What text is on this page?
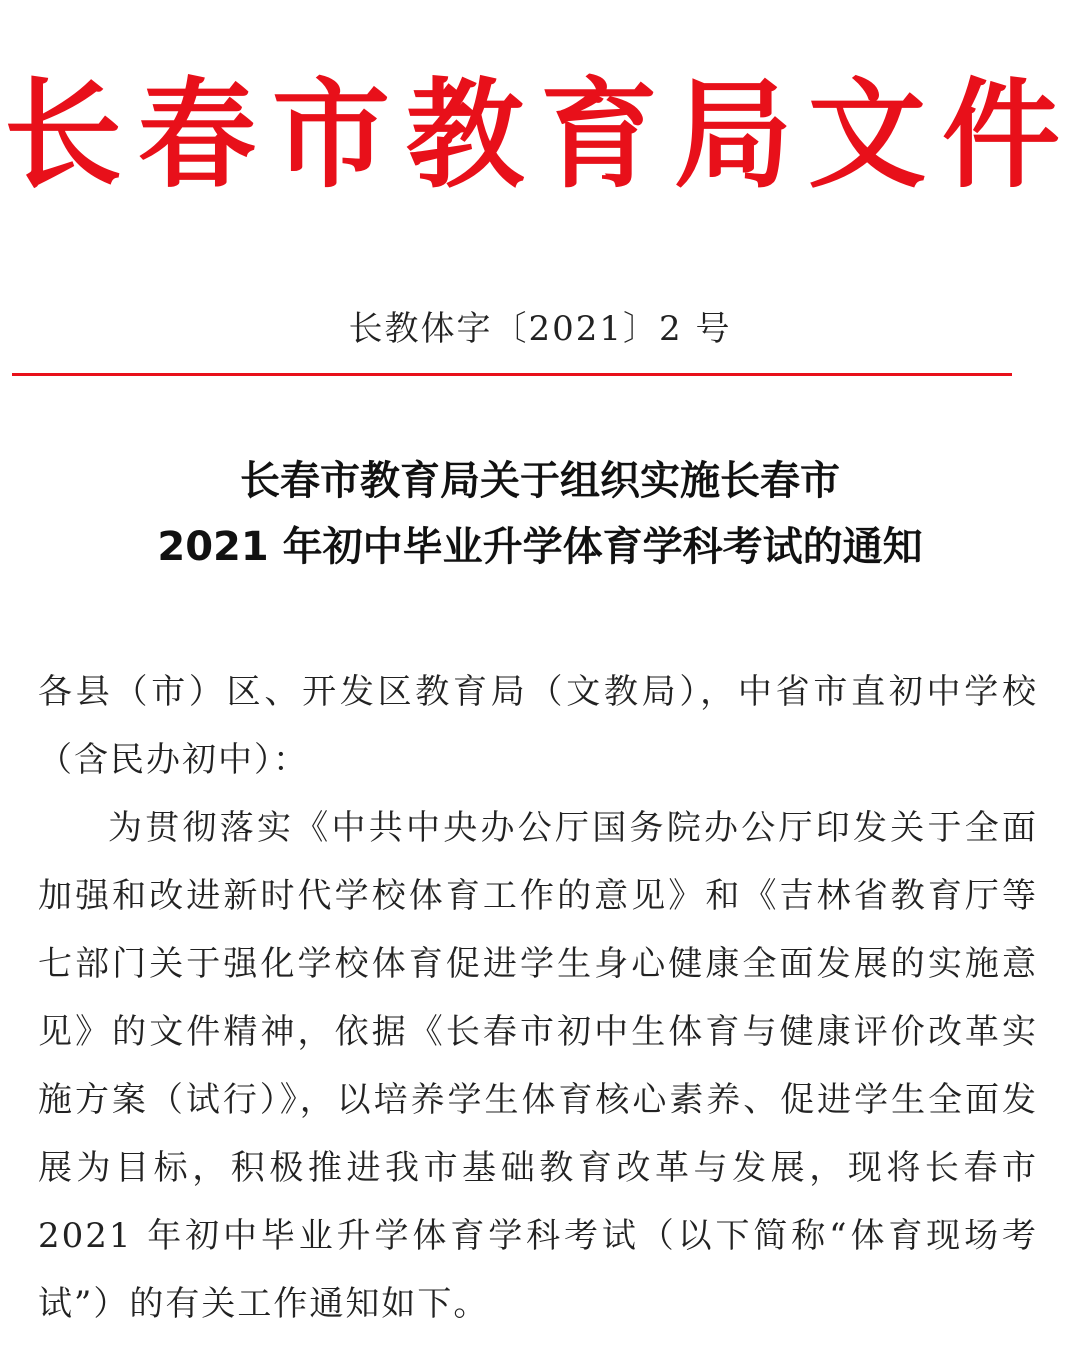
长春市教育局文件
长教体字〔2021〕2 号
长春市教育局关于组织实施长春市
2021 年初中毕业升学体育学科考试的通知

各县（市）区、开发区教育局（文教局），中省市直初中学校（含民办初中）：

为贯彻落实《中共中央办公厅国务院办公厅印发关于全面加强和改进新时代学校体育工作的意见》和《吉林省教育厅等七部门关于强化学校体育促进学生身心健康全面发展的实施意见》的文件精神，依据《长春市初中生体育与健康评价改革实施方案（试行）》，以培养学生体育核心素养、促进学生全面发展为目标，积极推进我市基础教育改革与发展，现将长春市 2021 年初中毕业升学体育学科考试（以下简称“体育现场考试”）的有关工作通知如下。
